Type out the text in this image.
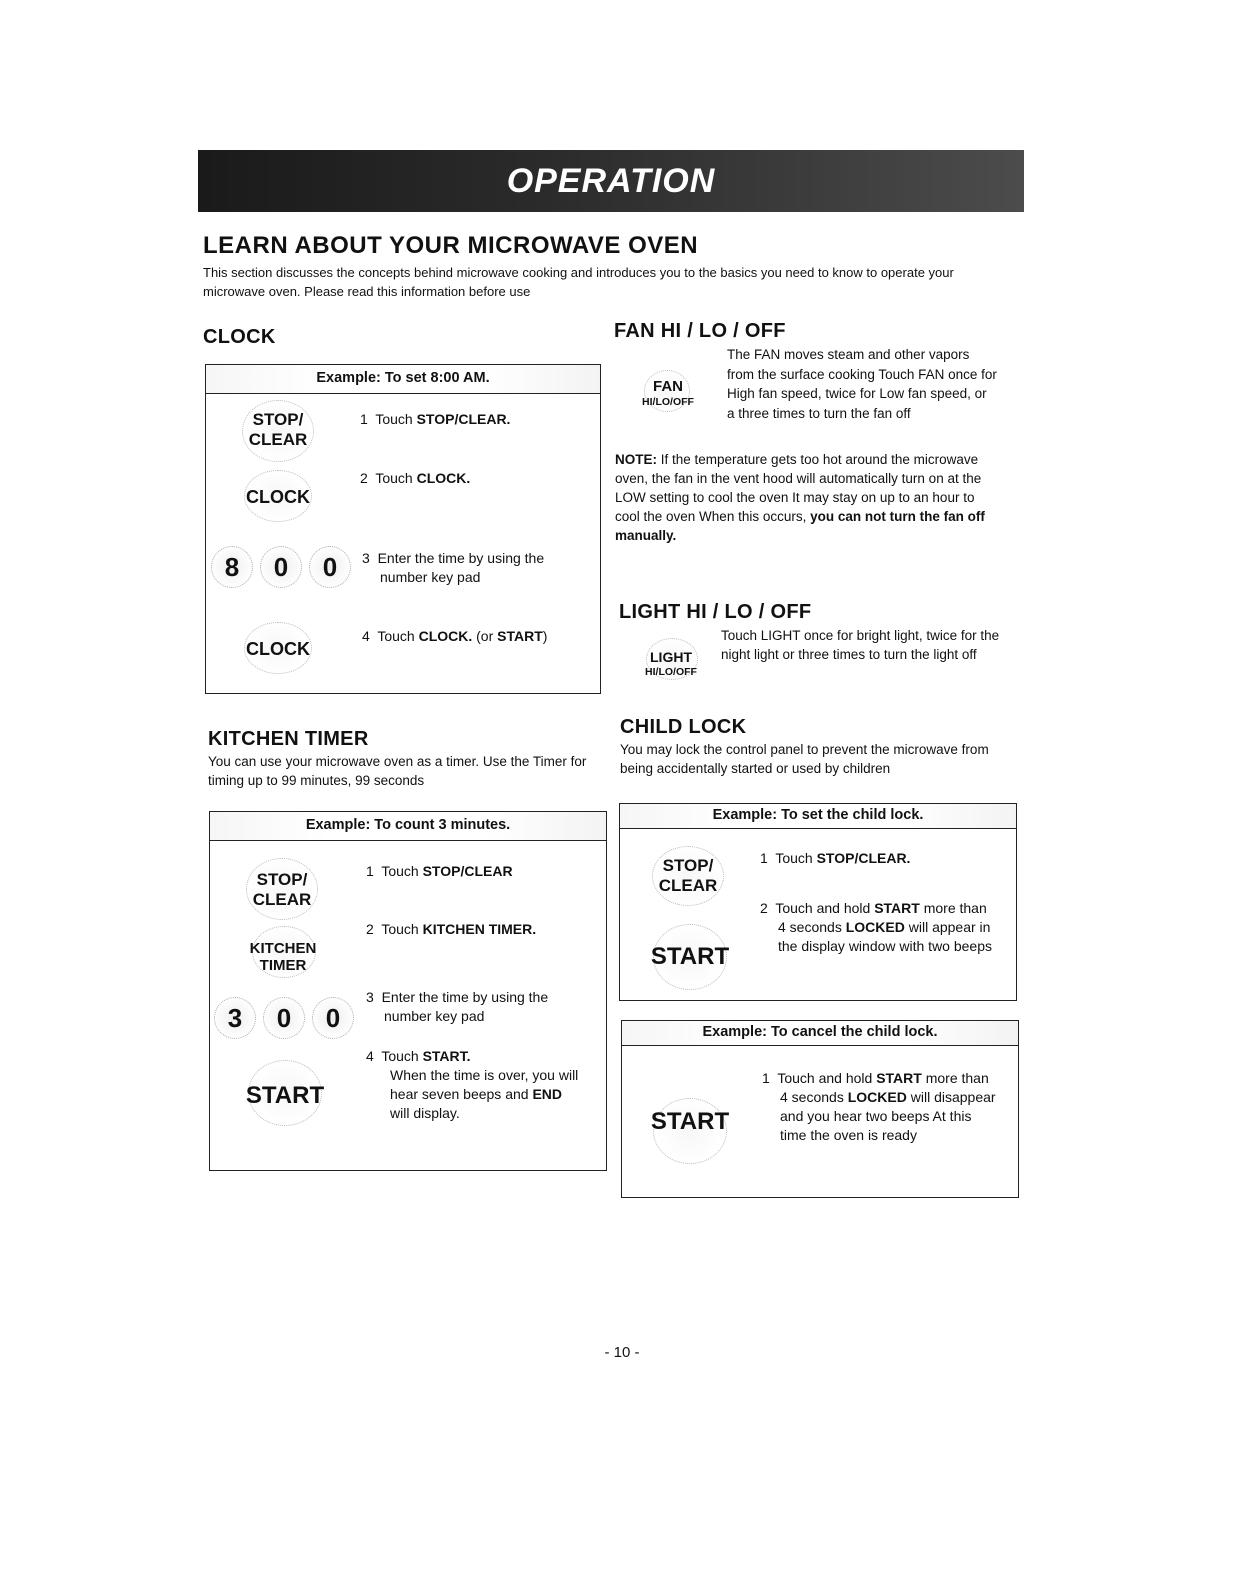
OPERATION
LEARN ABOUT YOUR MICROWAVE OVEN
This section discusses the concepts behind microwave cooking and introduces you to the basics you need to know to operate your microwave oven. Please read this information before use
CLOCK
Example: To set 8:00 AM.
STOP/
CLEAR
CLOCK
8	0	0
CLOCK
1 Touch STOP/CLEAR.
2 Touch CLOCK.
3 Enter the time by using the number key pad
4 Touch CLOCK. (or START)
FAN HI / LO / OFF
FAN
HI/LO/OFF
The FAN moves steam and other vapors from the surface cooking Touch FAN once for High fan speed, twice for Low fan speed, or a three times to turn the fan off
NOTE: If the temperature gets too hot around the microwave oven, the fan in the vent hood will automatically turn on at the LOW setting to cool the oven It may stay on up to an hour to cool the oven When this occurs, you can not turn the fan off manually.
LIGHT HI / LO / OFF
LIGHT
HI/LO/OFF
Touch LIGHT once for bright light, twice for the night light or three times to turn the light off
KITCHEN TIMER
You can use your microwave oven as a timer. Use the Timer for timing up to 99 minutes, 99 seconds
Example: To count 3 minutes.
STOP/
CLEAR
KITCHEN
TIMER
3	0	0
START
1 Touch STOP/CLEAR
2 Touch KITCHEN TIMER.
3 Enter the time by using the number key pad
4 Touch START.
When the time is over, you will hear seven beeps and END will display.
CHILD LOCK
You may lock the control panel to prevent the microwave from being accidentally started or used by children
Example: To set the child lock.
STOP/
CLEAR
START
1 Touch STOP/CLEAR.
2 Touch and hold START more than 4 seconds LOCKED will appear in the display window with two beeps
Example: To cancel the child lock.
START
1 Touch and hold START more than 4 seconds LOCKED will disappear and you hear two beeps At this time the oven is ready
- 10 -
